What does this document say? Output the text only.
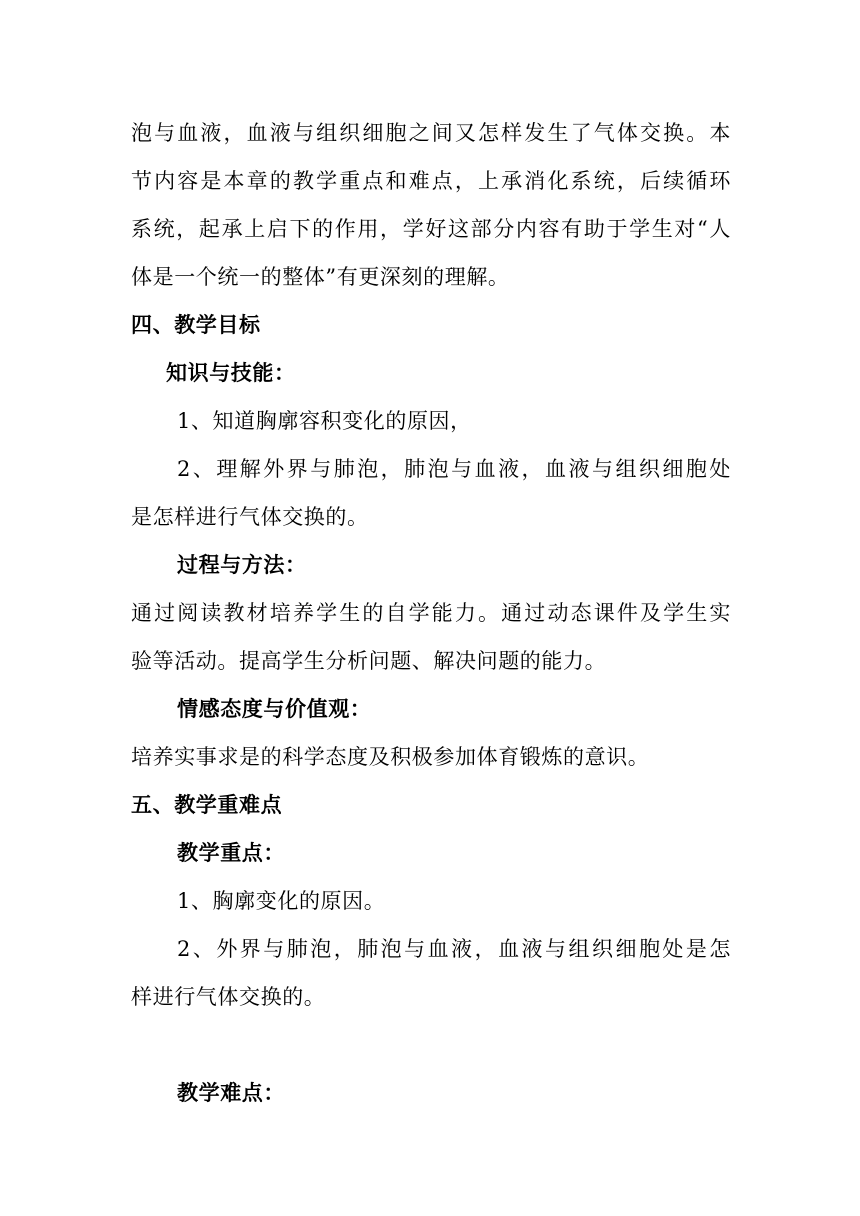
泡与血液，血液与组织细胞之间又怎样发生了气体交换。本
节内容是本章的教学重点和难点，上承消化系统，后续循环
系统，起承上启下的作用，学好这部分内容有助于学生对“人
体是一个统一的整体”有更深刻的理解。
四、教学目标
知识与技能：
1、知道胸廓容积变化的原因，
2、理解外界与肺泡，肺泡与血液，血液与组织细胞处
是怎样进行气体交换的。
过程与方法：
通过阅读教材培养学生的自学能力。通过动态课件及学生实
验等活动。提高学生分析问题、解决问题的能力。
情感态度与价值观：
培养实事求是的科学态度及积极参加体育锻炼的意识。
五、教学重难点
教学重点：
1、胸廓变化的原因。
2、外界与肺泡，肺泡与血液，血液与组织细胞处是怎
样进行气体交换的。
教学难点：
